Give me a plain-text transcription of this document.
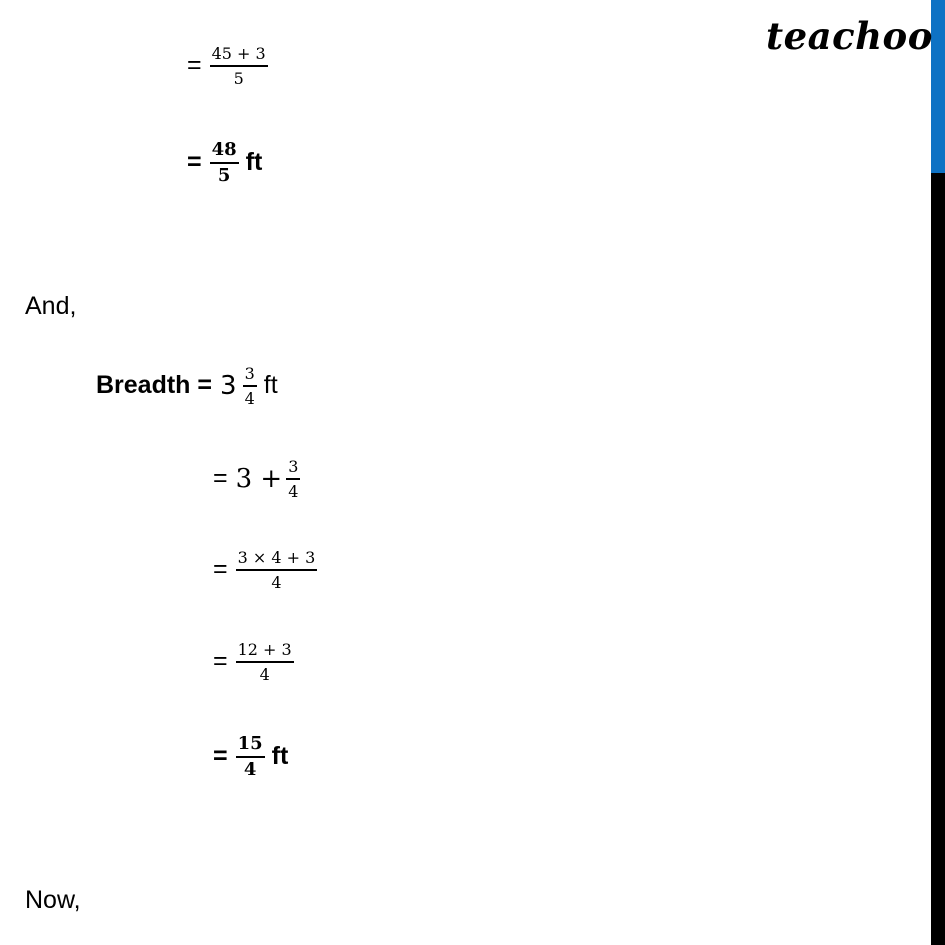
teachoo
= $\frac{45 + 3}{5}$
= $\frac{48}{5}$ ft
And,
Breadth = $3 \frac{3}{4}$ ft
= $3 + \frac{3}{4}$
= $\frac{3 \times 4 + 3}{4}$
= $\frac{12 + 3}{4}$
= $\frac{15}{4}$ ft
Now,
